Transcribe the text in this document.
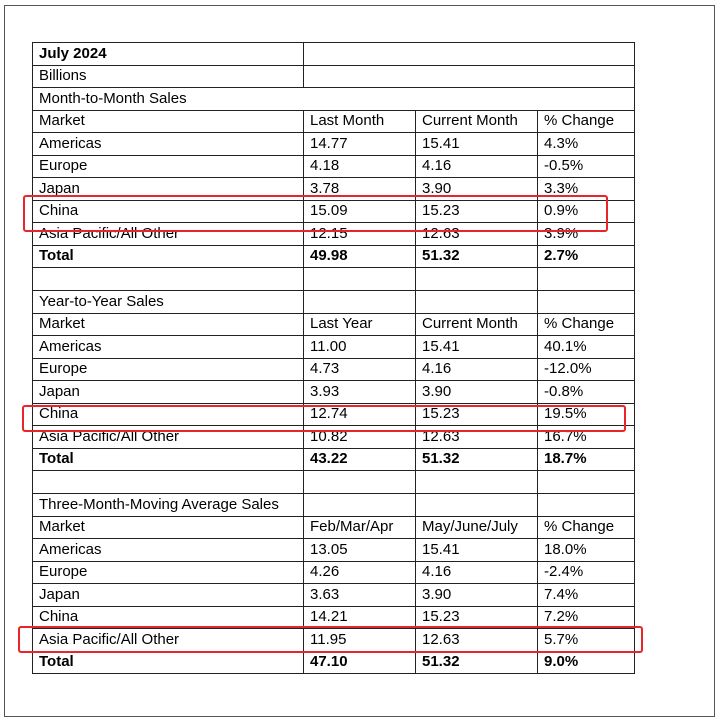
July 2024			
Billions			
Month-to-Month Sales			
Market	Last Month	Current Month	% Change
Americas	14.77	15.41	4.3%
Europe	4.18	4.16	-0.5%
Japan	3.78	3.90	3.3%
China	15.09	15.23	0.9%
Asia Pacific/All Other	12.15	12.63	3.9%
Total	49.98	51.32	2.7%

Year-to-Year Sales			
Market	Last Year	Current Month	% Change
Americas	11.00	15.41	40.1%
Europe	4.73	4.16	-12.0%
Japan	3.93	3.90	-0.8%
China	12.74	15.23	19.5%
Asia Pacific/All Other	10.82	12.63	16.7%
Total	43.22	51.32	18.7%

Three-Month-Moving Average Sales			
Market	Feb/Mar/Apr	May/June/July	% Change
Americas	13.05	15.41	18.0%
Europe	4.26	4.16	-2.4%
Japan	3.63	3.90	7.4%
China	14.21	15.23	7.2%
Asia Pacific/All Other	11.95	12.63	5.7%
Total	47.10	51.32	9.0%
